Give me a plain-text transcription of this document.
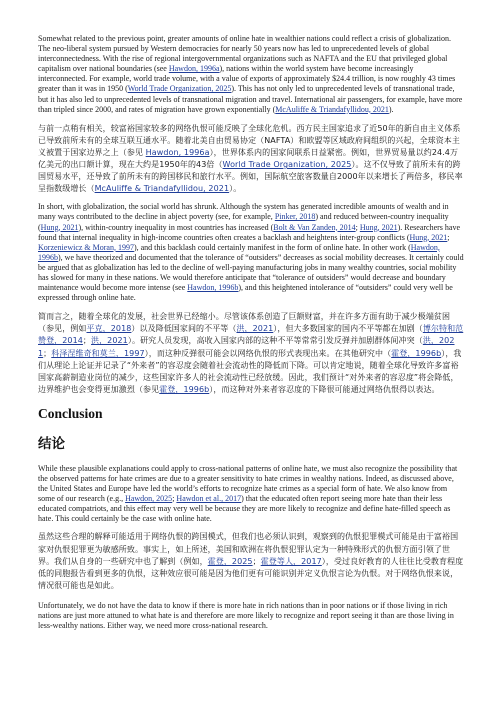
Somewhat related to the previous point, greater amounts of online hate in wealthier nations could reflect a crisis of globalization. The neo-liberal system pursued by Western democracies for nearly 50 years now has led to unprecedented levels of global interconnectedness. With the rise of regional intergovernmental organizations such as NAFTA and the EU that privileged global capitalism over national boundaries (see Hawdon, 1996a), nations within the world system have become increasingly interconnected. For example, world trade volume, with a value of exports of approximately $24.4 trillion, is now roughly 43 times greater than it was in 1950 (World Trade Organization, 2025). This has not only led to unprecedented levels of transnational trade, but it has also led to unprecedented levels of transnational migration and travel. International air passengers, for example, have more than tripled since 2000, and rates of migration have grown exponentially (McAuliffe & Triandafyllidou, 2021).

与前一点稍有相关，较富裕国家较多的网络仇恨可能反映了全球化危机。西方民主国家追求了近50年的新自由主义体系已导致前所未有的全球互联互通水平。随着北美自由贸易协定（NAFTA）和欧盟等区域政府间组织的兴起，全球资本主义被置于国家边界之上（参见 Hawdon, 1996a），世界体系内的国家间联系日益紧密。例如，世界贸易量以约24.4万亿美元的出口额计算，现在大约是1950年的43倍（World Trade Organization, 2025）。这不仅导致了前所未有的跨国贸易水平，还导致了前所未有的跨国移民和旅行水平。例如，国际航空旅客数量自2000年以来增长了两倍多，移民率呈指数级增长（McAuliffe & Triandafyllidou, 2021）。

In short, with globalization, the social world has shrunk. Although the system has generated incredible amounts of wealth and in many ways contributed to the decline in abject poverty (see, for example, Pinker, 2018) and reduced between-country inequality (Hung, 2021), within-country inequality in most countries has increased (Bolt & Van Zanden, 2014; Hung, 2021). Researchers have found that internal inequality in high-income countries often creates a backlash and heightens inter-group conflicts (Hung, 2021; Korzeniewicz & Moran, 1997), and this backlash could certainly manifest in the form of online hate. In other work (Hawdon, 1996b), we have theorized and documented that the tolerance of “outsiders” decreases as social mobility decreases. It certainly could be argued that as globalization has led to the decline of well-paying manufacturing jobs in many wealthy countries, social mobility has slowed for many in these nations. We would therefore anticipate that “tolerance of outsiders” would decrease and boundary maintenance would become more intense (see Hawdon, 1996b), and this heightened intolerance of “outsiders” could very well be expressed through online hate.

简而言之，随着全球化的发展，社会世界已经缩小。尽管该体系创造了巨额财富，并在许多方面有助于减少极端贫困（参见，例如平克，2018）以及降低国家间的不平等（洪，2021），但大多数国家的国内不平等都在加剧（博尔特和范赞登，2014；洪，2021）。研究人员发现，高收入国家内部的这种不平等常常引发反弹并加剧群体间冲突（洪，2021；科泽涅维奇和莫兰，1997），而这种反弹很可能会以网络仇恨的形式表现出来。在其他研究中（霍登，1996b），我们从理论上论证并记录了“外来者”的容忍度会随着社会流动性的降低而下降。可以肯定地说，随着全球化导致许多富裕国家高薪制造业岗位的减少，这些国家许多人的社会流动性已经放缓。因此，我们预计“对外来者的容忍度”将会降低，边界维护也会变得更加激烈（参见霍登，1996b），而这种对外来者容忍度的下降很可能通过网络仇恨得以表达。

Conclusion
结论

While these plausible explanations could apply to cross-national patterns of online hate, we must also recognize the possibility that the observed patterns for hate crimes are due to a greater sensitivity to hate crimes in wealthy nations. Indeed, as discussed above, the United States and Europe have led the world’s efforts to recognize hate crimes as a special form of hate. We also know from some of our research (e.g., Hawdon, 2025; Hawdon et al., 2017) that the educated often report seeing more hate than their less educated compatriots, and this effect may very well be because they are more likely to recognize and define hate-filled speech as hate. This could certainly be the case with online hate.

虽然这些合理的解释可能适用于网络仇恨的跨国模式，但我们也必须认识到，观察到的仇恨犯罪模式可能是由于富裕国家对仇恨犯罪更为敏感所致。事实上，如上所述，美国和欧洲在将仇恨犯罪认定为一种特殊形式的仇恨方面引领了世界。我们从自身的一些研究中也了解到（例如，霍登，2025；霍登等人，2017），受过良好教育的人往往比受教育程度低的同胞报告看到更多的仇恨，这种效应很可能是因为他们更有可能识别并定义仇恨言论为仇恨。对于网络仇恨来说，情况很可能也是如此。

Unfortunately, we do not have the data to know if there is more hate in rich nations than in poor nations or if those living in rich nations are just more attuned to what hate is and therefore are more likely to recognize and report seeing it than are those living in less-wealthy nations. Either way, we need more cross-national research.
